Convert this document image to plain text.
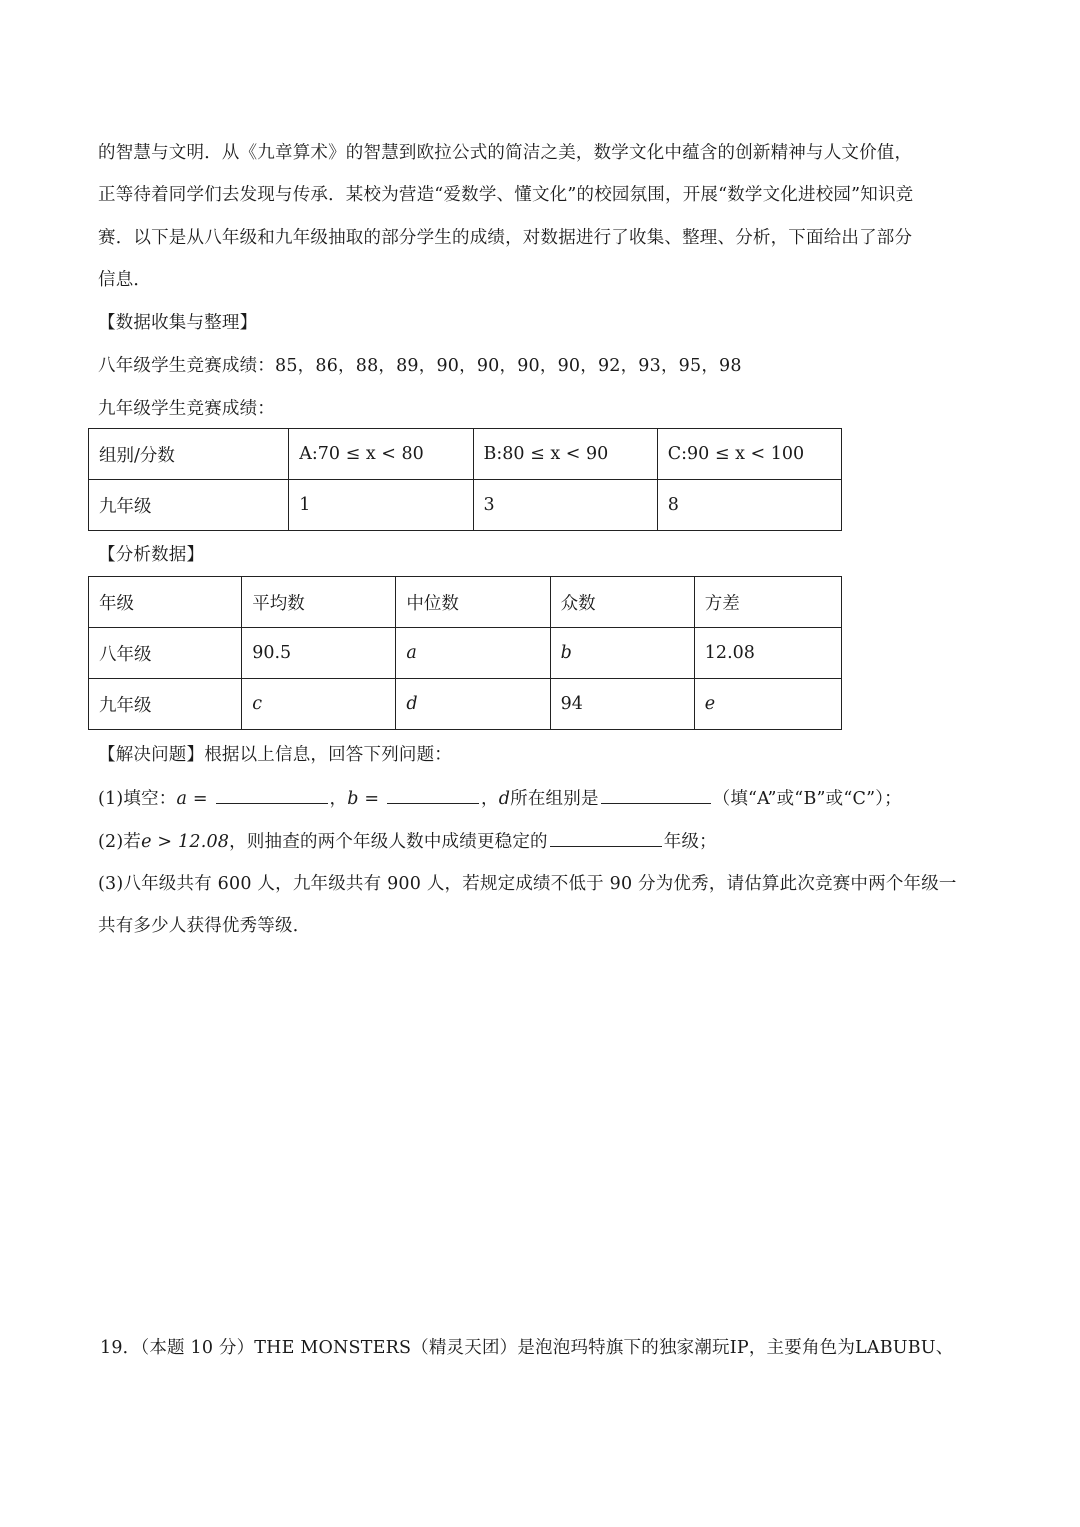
的智慧与文明．从《九章算术》的智慧到欧拉公式的简洁之美，数学文化中蕴含的创新精神与人文价值，
正等待着同学们去发现与传承．某校为营造“爱数学、懂文化”的校园氛围，开展“数学文化进校园”知识竞
赛．以下是从八年级和九年级抽取的部分学生的成绩，对数据进行了收集、整理、分析，下面给出了部分
信息．
【数据收集与整理】
八年级学生竞赛成绩：85，86，88，89，90，90，90，90，92，93，95，98
九年级学生竞赛成绩：
组别/分数	A:70 ≤ x < 80	B:80 ≤ x < 90	C:90 ≤ x < 100
九年级	1	3	8
【分析数据】
年级	平均数	中位数	众数	方差
八年级	90.5	a	b	12.08
九年级	c	d	94	e
【解决问题】根据以上信息，回答下列问题：
(1)填空：a =	，b =	，d所在组别是	（填“A”或“B”或“C”）；
(2)若e > 12.08，则抽查的两个年级人数中成绩更稳定的	年级；
(3)八年级共有 600 人，九年级共有 900 人，若规定成绩不低于 90 分为优秀，请估算此次竞赛中两个年级一
共有多少人获得优秀等级．
19．（本题 10 分）THE MONSTERS（精灵天团）是泡泡玛特旗下的独家潮玩IP，主要角色为LABUBU、
